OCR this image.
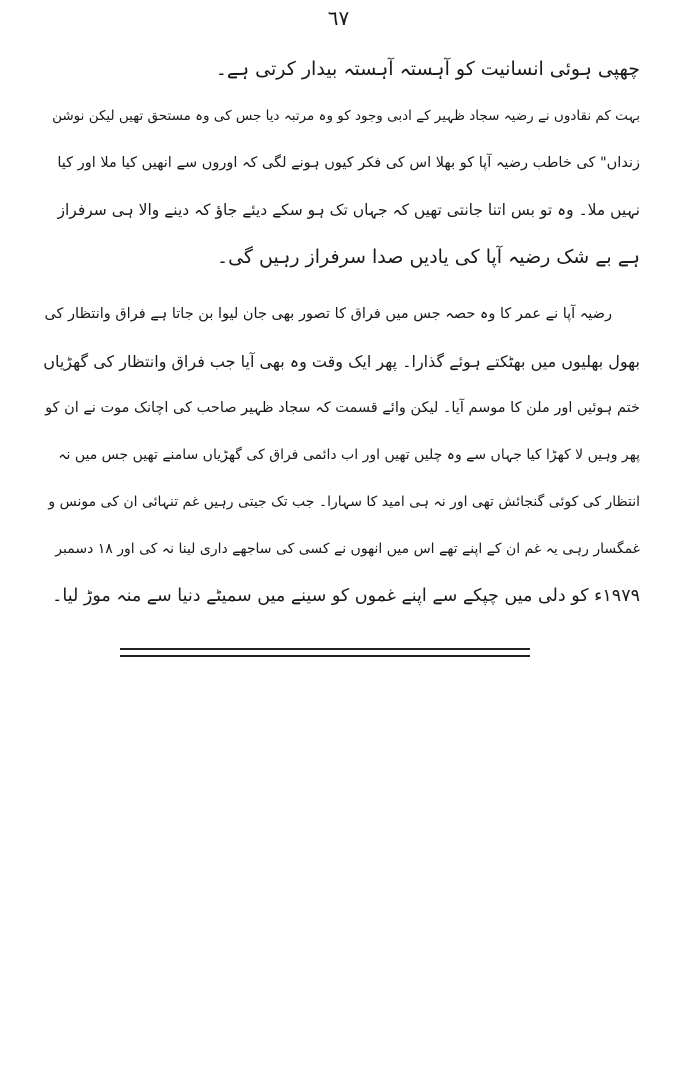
٦٧
چھپی ہوئی انسانیت کو آہستہ آہستہ بیدار کرتی ہے۔
بہت کم نقادوں نے رضیہ سجاد ظہیر کے ادبی وجود کو وہ مرتبہ دیا جس کی وہ مستحق تھیں لیکن نوشن
زنداں" کی خاطب رضیہ آپا کو بھلا اس کی فکر کیوں ہونے لگی کہ اوروں سے انھیں کیا ملا اور کیا
نہیں ملا۔ وہ تو بس اتنا جانتی تھیں کہ جہاں تک ہو سکے دیئے جاؤ کہ دینے والا ہی سرفراز
ہے بے شک رضیہ آپا کی یادیں صدا سرفراز رہیں گی۔
رضیہ آپا نے عمر کا وہ حصہ جس میں فراق کا تصور بھی جان لیوا بن جاتا ہے فراق وانتظار کی
بھول بھلیوں میں بھٹکتے ہوئے گذارا۔ پھر ایک وقت وہ بھی آیا جب فراق وانتظار کی گھڑیاں
ختم ہوئیں اور ملن کا موسم آیا۔ لیکن وائے قسمت کہ سجاد ظہیر صاحب کی اچانک موت نے ان کو
پھر وہیں لا کھڑا کیا جہاں سے وہ چلیں تھیں اور اب دائمی فراق کی گھڑیاں سامنے تھیں جس میں نہ
انتظار کی کوئی گنجائش تھی اور نہ ہی امید کا سہارا۔ جب تک جیتی رہیں غم تنہائی ان کی مونس و
غمگسار رہی یہ غم ان کے اپنے تھے اس میں انھوں نے کسی کی ساجھے داری لینا نہ کی اور ۱۸ دسمبر
۱۹۷۹ء کو دلی میں چپکے سے اپنے غموں کو سینے میں سمیٹے دنیا سے منہ موڑ لیا۔
